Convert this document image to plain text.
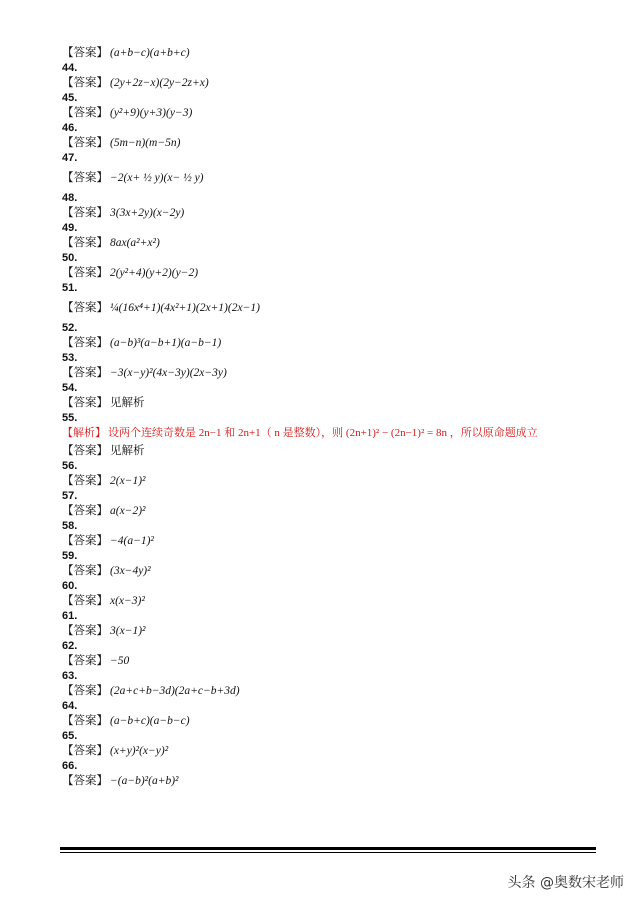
【答案】 (a+b−c)(a+b+c)
44.
【答案】 (2y+2z−x)(2y−2z+x)
45.
【答案】 (y²+9)(y+3)(y−3)
46.
【答案】 (5m−n)(m−5n)
47.
【答案】 −2(x+ ½ y)(x− ½ y)
48.
【答案】 3(3x+2y)(x−2y)
49.
【答案】 8ax(a²+x²)
50.
【答案】 2(y²+4)(y+2)(y−2)
51.
【答案】 ¼(16x⁴+1)(4x²+1)(2x+1)(2x−1)
52.
【答案】 (a−b)³(a−b+1)(a−b−1)
53.
【答案】 −3(x−y)²(4x−3y)(2x−3y)
54.
【答案】 见解析
55.
【解析】 设两个连续奇数是 2n−1 和 2n+1（ n 是整数），则 (2n+1)² − (2n−1)² = 8n ，所以原命题成立
【答案】 见解析
56.
【答案】 2(x−1)²
57.
【答案】 a(x−2)²
58.
【答案】 −4(a−1)²
59.
【答案】 (3x−4y)²
60.
【答案】 x(x−3)²
61.
【答案】 3(x−1)²
62.
【答案】 −50
63.
【答案】 (2a+c+b−3d)(2a+c−b+3d)
64.
【答案】 (a−b+c)(a−b−c)
65.
【答案】 (x+y)²(x−y)²
66.
【答案】 −(a−b)²(a+b)²
头条 @奥数宋老师
